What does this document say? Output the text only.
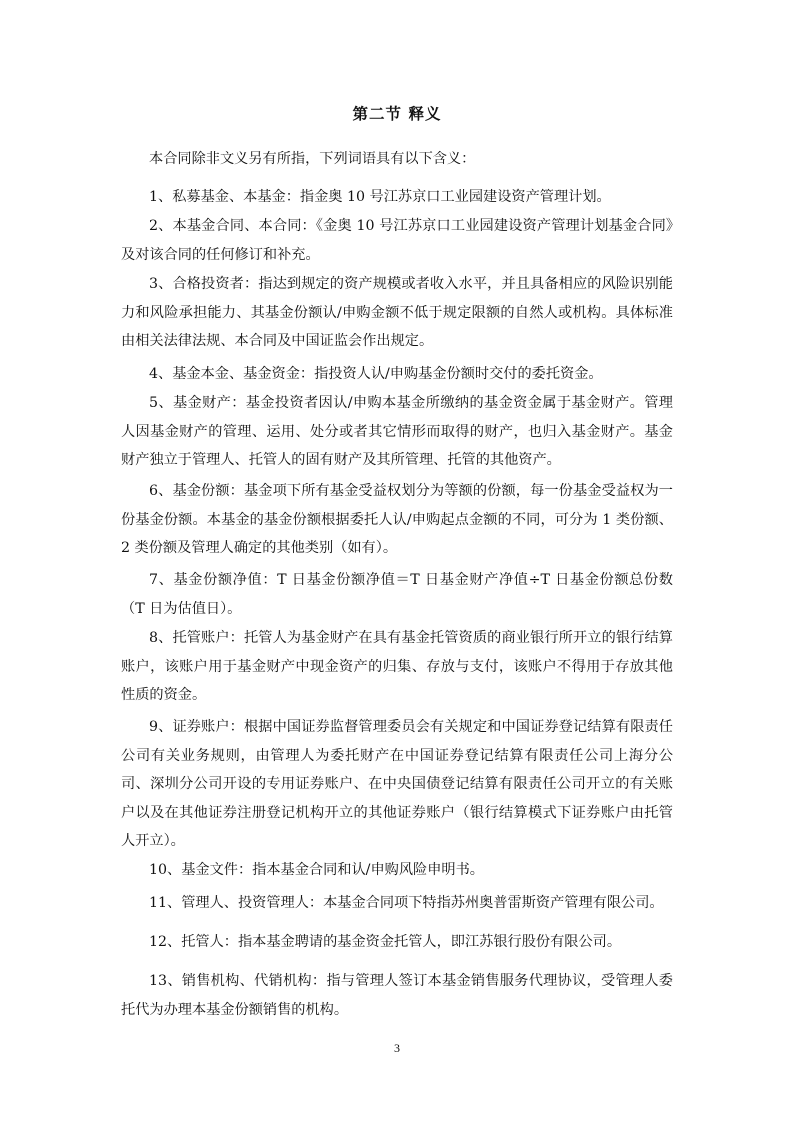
第二节 释义

本合同除非文义另有所指，下列词语具有以下含义：

1、私募基金、本基金：指金奥 10 号江苏京口工业园建设资产管理计划。

2、本基金合同、本合同：《金奥 10 号江苏京口工业园建设资产管理计划基金合同》及对该合同的任何修订和补充。

3、合格投资者：指达到规定的资产规模或者收入水平，并且具备相应的风险识别能力和风险承担能力、其基金份额认/申购金额不低于规定限额的自然人或机构。具体标准由相关法律法规、本合同及中国证监会作出规定。

4、基金本金、基金资金：指投资人认/申购基金份额时交付的委托资金。

5、基金财产：基金投资者因认/申购本基金所缴纳的基金资金属于基金财产。管理人因基金财产的管理、运用、处分或者其它情形而取得的财产，也归入基金财产。基金财产独立于管理人、托管人的固有财产及其所管理、托管的其他资产。

6、基金份额：基金项下所有基金受益权划分为等额的份额，每一份基金受益权为一份基金份额。本基金的基金份额根据委托人认/申购起点金额的不同，可分为 1 类份额、2 类份额及管理人确定的其他类别（如有）。

7、基金份额净值：T 日基金份额净值＝T 日基金财产净值÷T 日基金份额总份数（T 日为估值日）。

8、托管账户：托管人为基金财产在具有基金托管资质的商业银行所开立的银行结算账户，该账户用于基金财产中现金资产的归集、存放与支付，该账户不得用于存放其他性质的资金。

9、证券账户：根据中国证券监督管理委员会有关规定和中国证券登记结算有限责任公司有关业务规则，由管理人为委托财产在中国证券登记结算有限责任公司上海分公司、深圳分公司开设的专用证券账户、在中央国债登记结算有限责任公司开立的有关账户以及在其他证券注册登记机构开立的其他证券账户（银行结算模式下证券账户由托管人开立）。

10、基金文件：指本基金合同和认/申购风险申明书。

11、管理人、投资管理人：本基金合同项下特指苏州奥普雷斯资产管理有限公司。

12、托管人：指本基金聘请的基金资金托管人，即江苏银行股份有限公司。

13、销售机构、代销机构：指与管理人签订本基金销售服务代理协议，受管理人委托代为办理本基金份额销售的机构。

3
